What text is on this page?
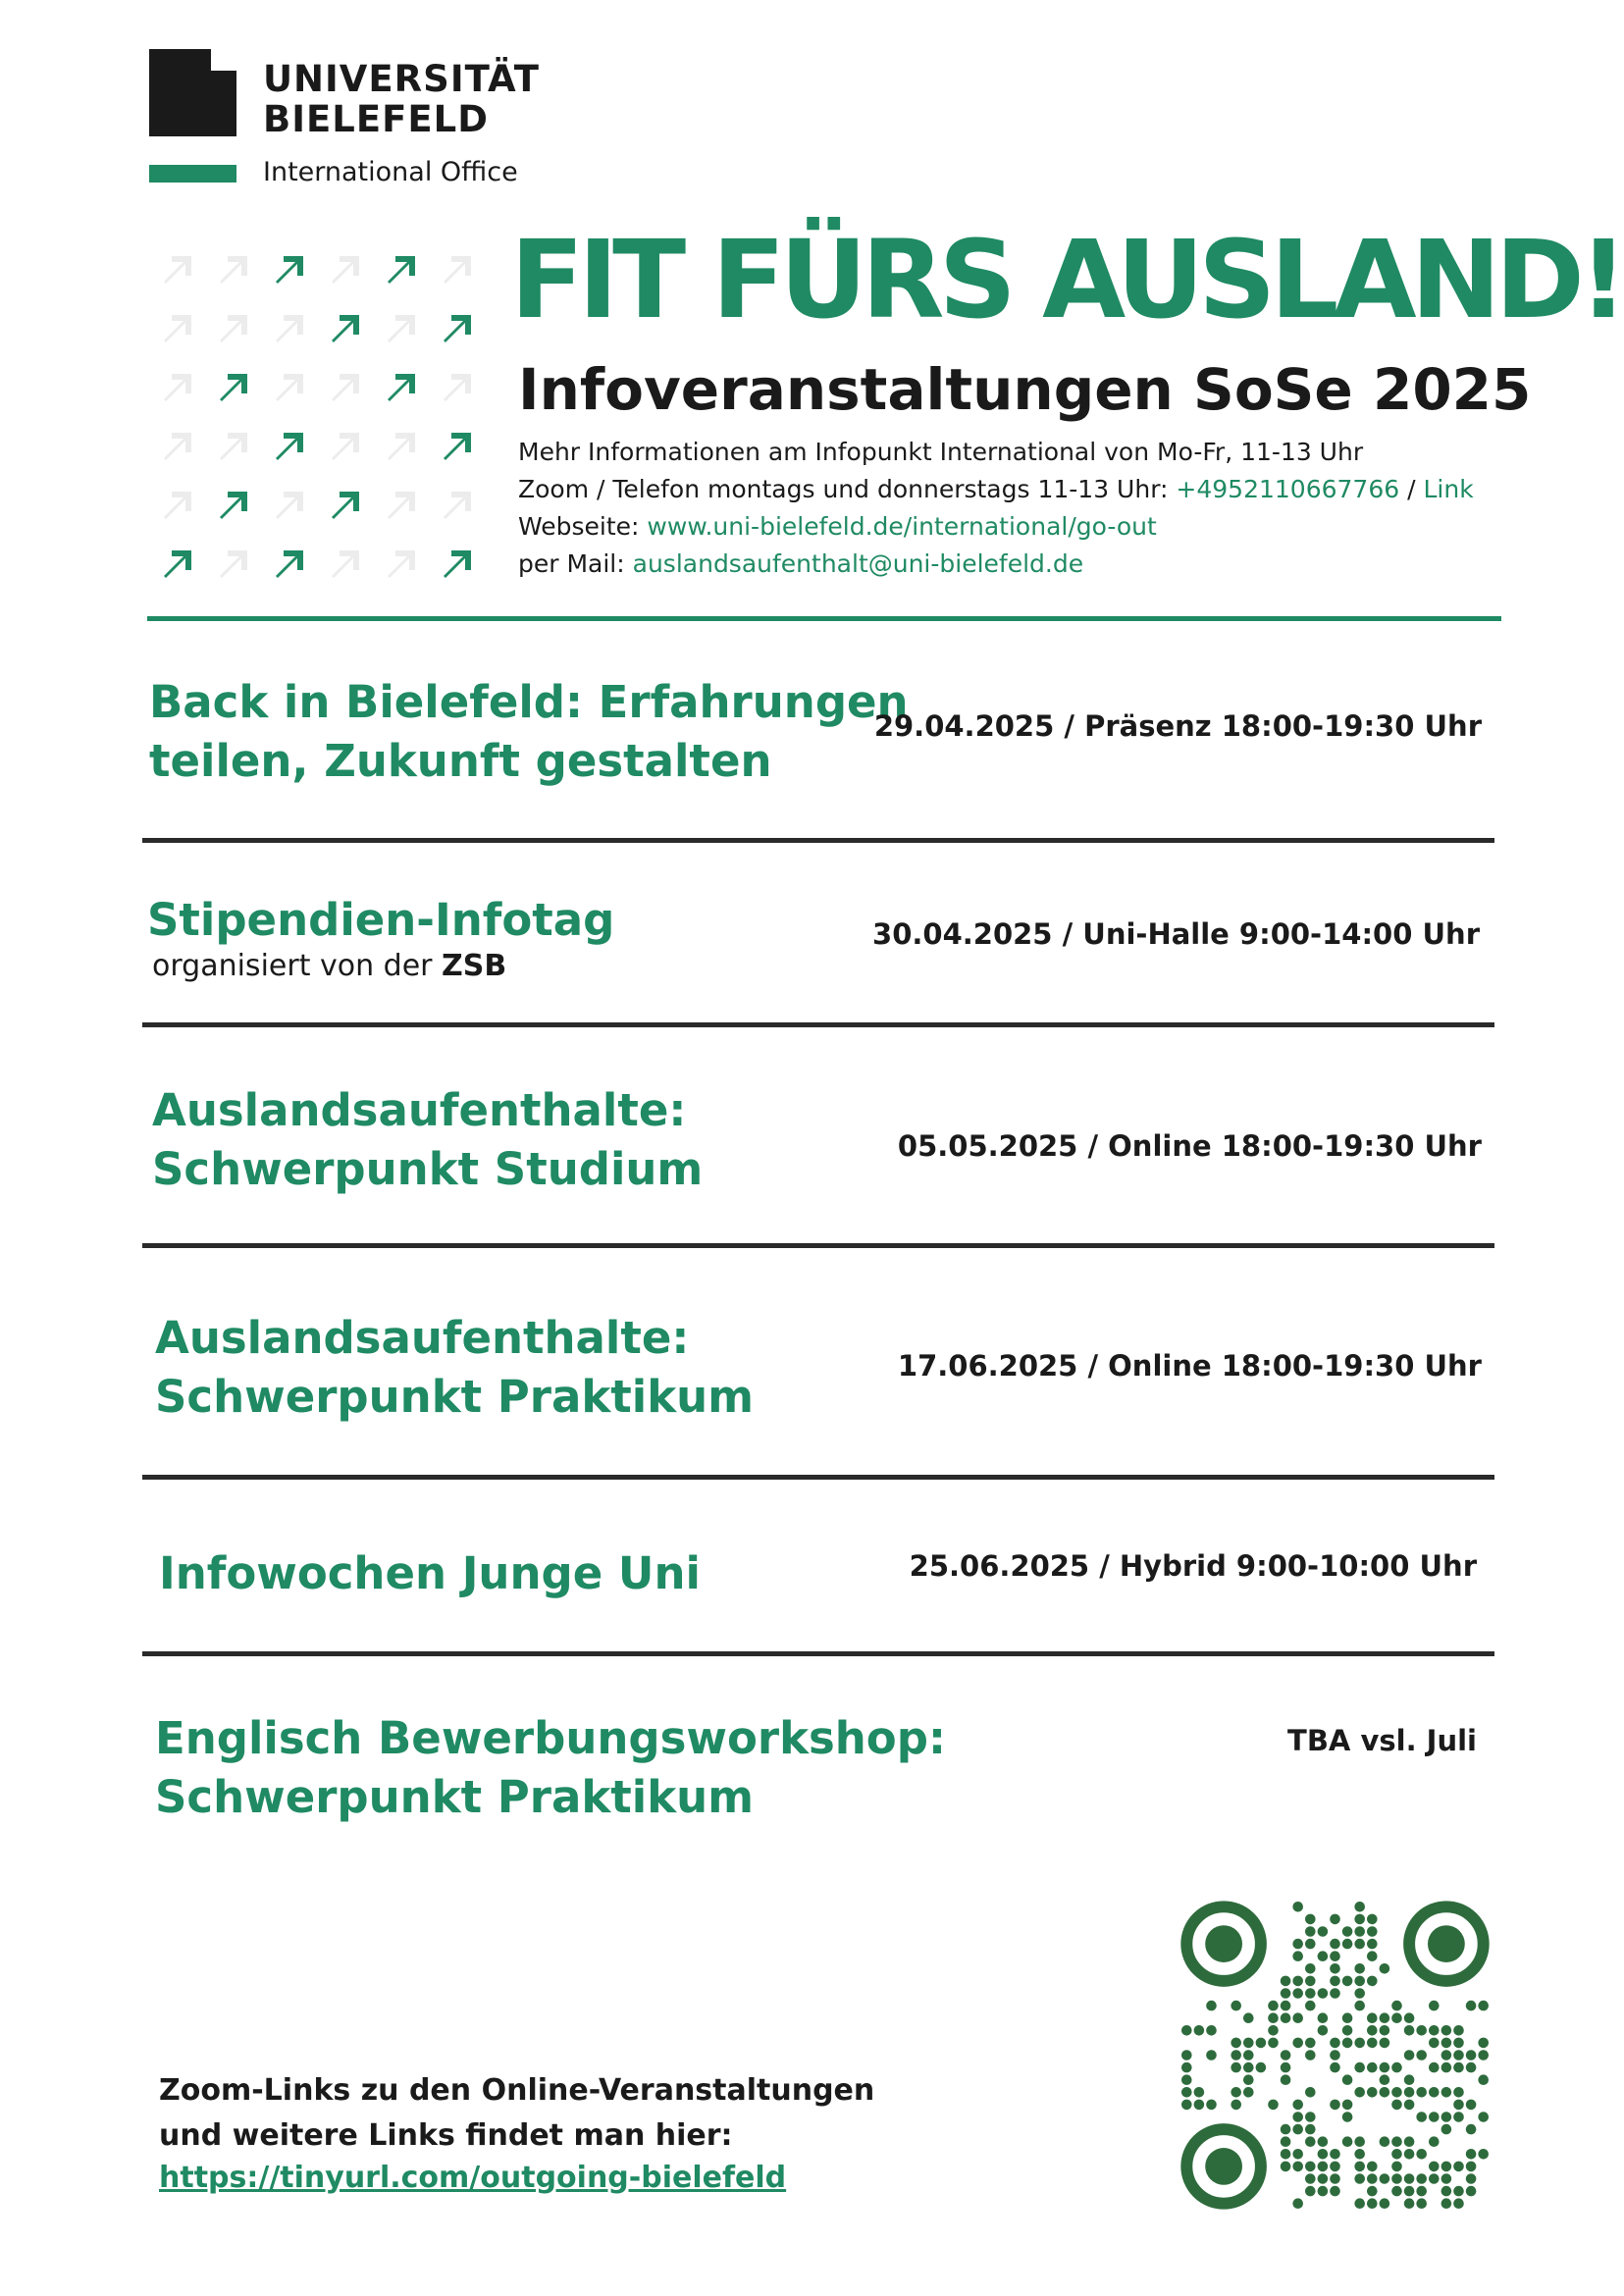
UNIVERSITÄT
BIELEFELD
International Office
FIT FÜRS AUSLAND!
Infoveranstaltungen SoSe 2025
Mehr Informationen am Infopunkt International von Mo-Fr, 11-13 Uhr
Zoom / Telefon montags und donnerstags 11-13 Uhr: +4952110667766 / Link
Webseite: www.uni-bielefeld.de/international/go-out
per Mail: auslandsaufenthalt@uni-bielefeld.de
Back in Bielefeld: Erfahrungen
teilen, Zukunft gestalten
29.04.2025 / Präsenz 18:00-19:30 Uhr
Stipendien-Infotag
organisiert von der ZSB
30.04.2025 / Uni-Halle 9:00-14:00 Uhr
Auslandsaufenthalte:
Schwerpunkt Studium	05.05.2025 / Online 18:00-19:30 Uhr
Auslandsaufenthalte:
Schwerpunkt Praktikum
17.06.2025 / Online 18:00-19:30 Uhr
Infowochen Junge Uni	25.06.2025 / Hybrid 9:00-10:00 Uhr
Englisch Bewerbungsworkshop:
Schwerpunkt Praktikum
TBA vsl. Juli
Zoom-Links zu den Online-Veranstaltungen
und weitere Links findet man hier:
https://tinyurl.com/outgoing-bielefeld
